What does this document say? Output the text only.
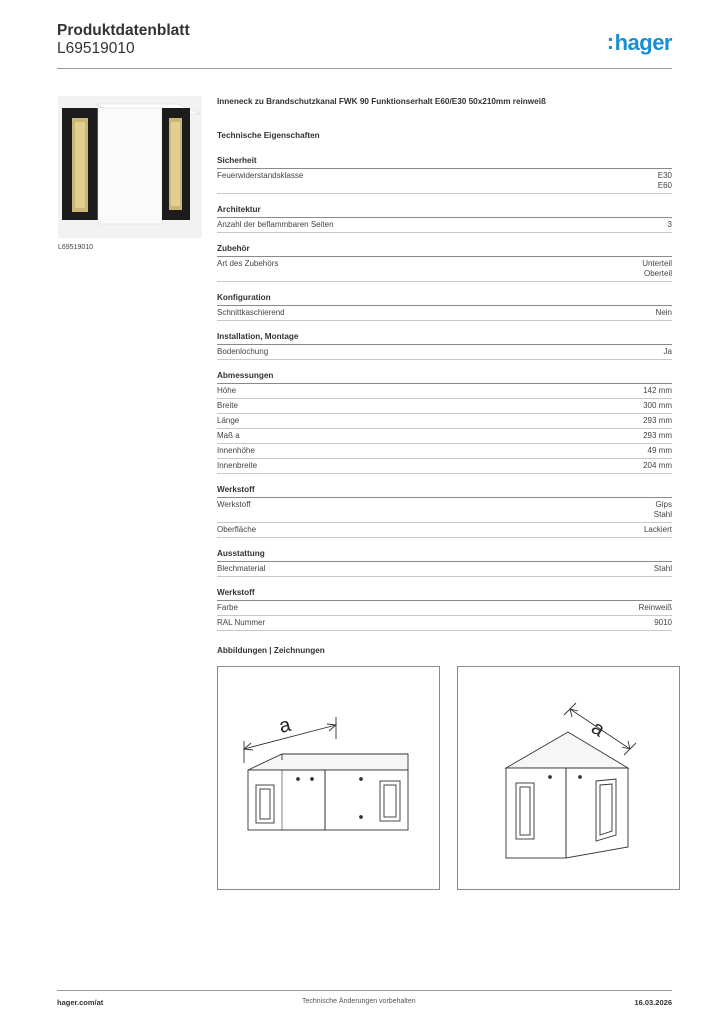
Produktdatenblatt
L69519010	:hager
L69519010
Inneneck zu Brandschutzkanal FWK 90 Funktionserhalt E60/E30 50x210mm reinweiß
Technische Eigenschaften
Sicherheit
Feuerwiderstandsklasse	E30
E60
Architektur
Anzahl der beflammbaren Seiten	3
Zubehör
Art des Zubehörs	Unterteil
Oberteil
Konfiguration
Schnittkaschierend	Nein
Installation, Montage
Bodenlochung	Ja
Abmessungen
Höhe	142 mm
Breite	300 mm
Länge	293 mm
Maß a	293 mm
Innenhöhe	49 mm
Innenbreite	204 mm
Werkstoff
Werkstoff	Gips
Stahl
Oberfläche	Lackiert
Ausstattung
Blechmaterial	Stahl
Werkstoff
Farbe	Reinweiß
RAL Nummer	9010
Abbildungen | Zeichnungen
a	a
hager.com/at	Technische Änderungen vorbehalten	16.03.2026
